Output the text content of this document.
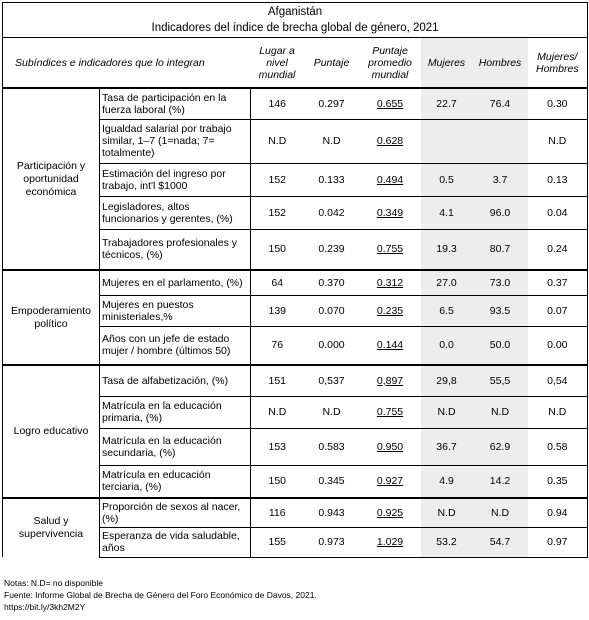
Afganistán
Indicadores del índice de brecha global de género, 2021							

Subíndices e indicadores que lo integran		Lugar a nivel mundial	Puntaje	Puntaje promedio mundial	Mujeres	Hombres	Mujeres/ Hombres
Participación y oportunidad económica	Tasa de participación en la fuerza laboral (%)	146	0.297	0.655	22.7	76.4	0.30
	Igualdad salarial por trabajo similar, 1–7 (1=nada; 7= totalmente)	N.D	N.D	0.628			N.D
	Estimación del ingreso por trabajo, int'l $1000	152	0.133	0.494	0.5	3.7	0.13
	Legisladores, altos funcionarios y gerentes, (%)	152	0.042	0.349	4.1	96.0	0.04
	Trabajadores profesionales y técnicos, (%)	150	0.239	0.755	19.3	80.7	0.24
Empoderamiento político	Mujeres en el parlamento, (%)	64	0.370	0.312	27.0	73.0	0.37
	Mujeres en puestos ministeriales,%	139	0.070	0.235	6.5	93.5	0.07
	Años con un jefe de estado mujer / hombre (últimos 50)	76	0.000	0.144	0.0	50.0	0.00
Logro educativo	Tasa de alfabetización, (%)	151	0,537	0,897	29,8	55,5	0,54
	Matrícula en la educación primaria, (%)	N.D	N.D	0.755	N.D	N.D	N.D
	Matrícula en la educación secundaria, (%)	153	0.583	0.950	36.7	62.9	0.58
	Matrícula en educación terciaria, (%)	150	0.345	0.927	4.9	14.2	0.35
Salud y supervivencia	Proporción de sexos al nacer, (%)	116	0.943	0.925	N.D	N.D	0.94
	Esperanza de vida saludable, años	155	0.973	1.029	53.2	54.7	0.97
Notas: N.D= no disponible
Fuente: Informe Global de Brecha de Género del Foro Económico de Davos, 2021.
https://bit.ly/3kh2M2Y
